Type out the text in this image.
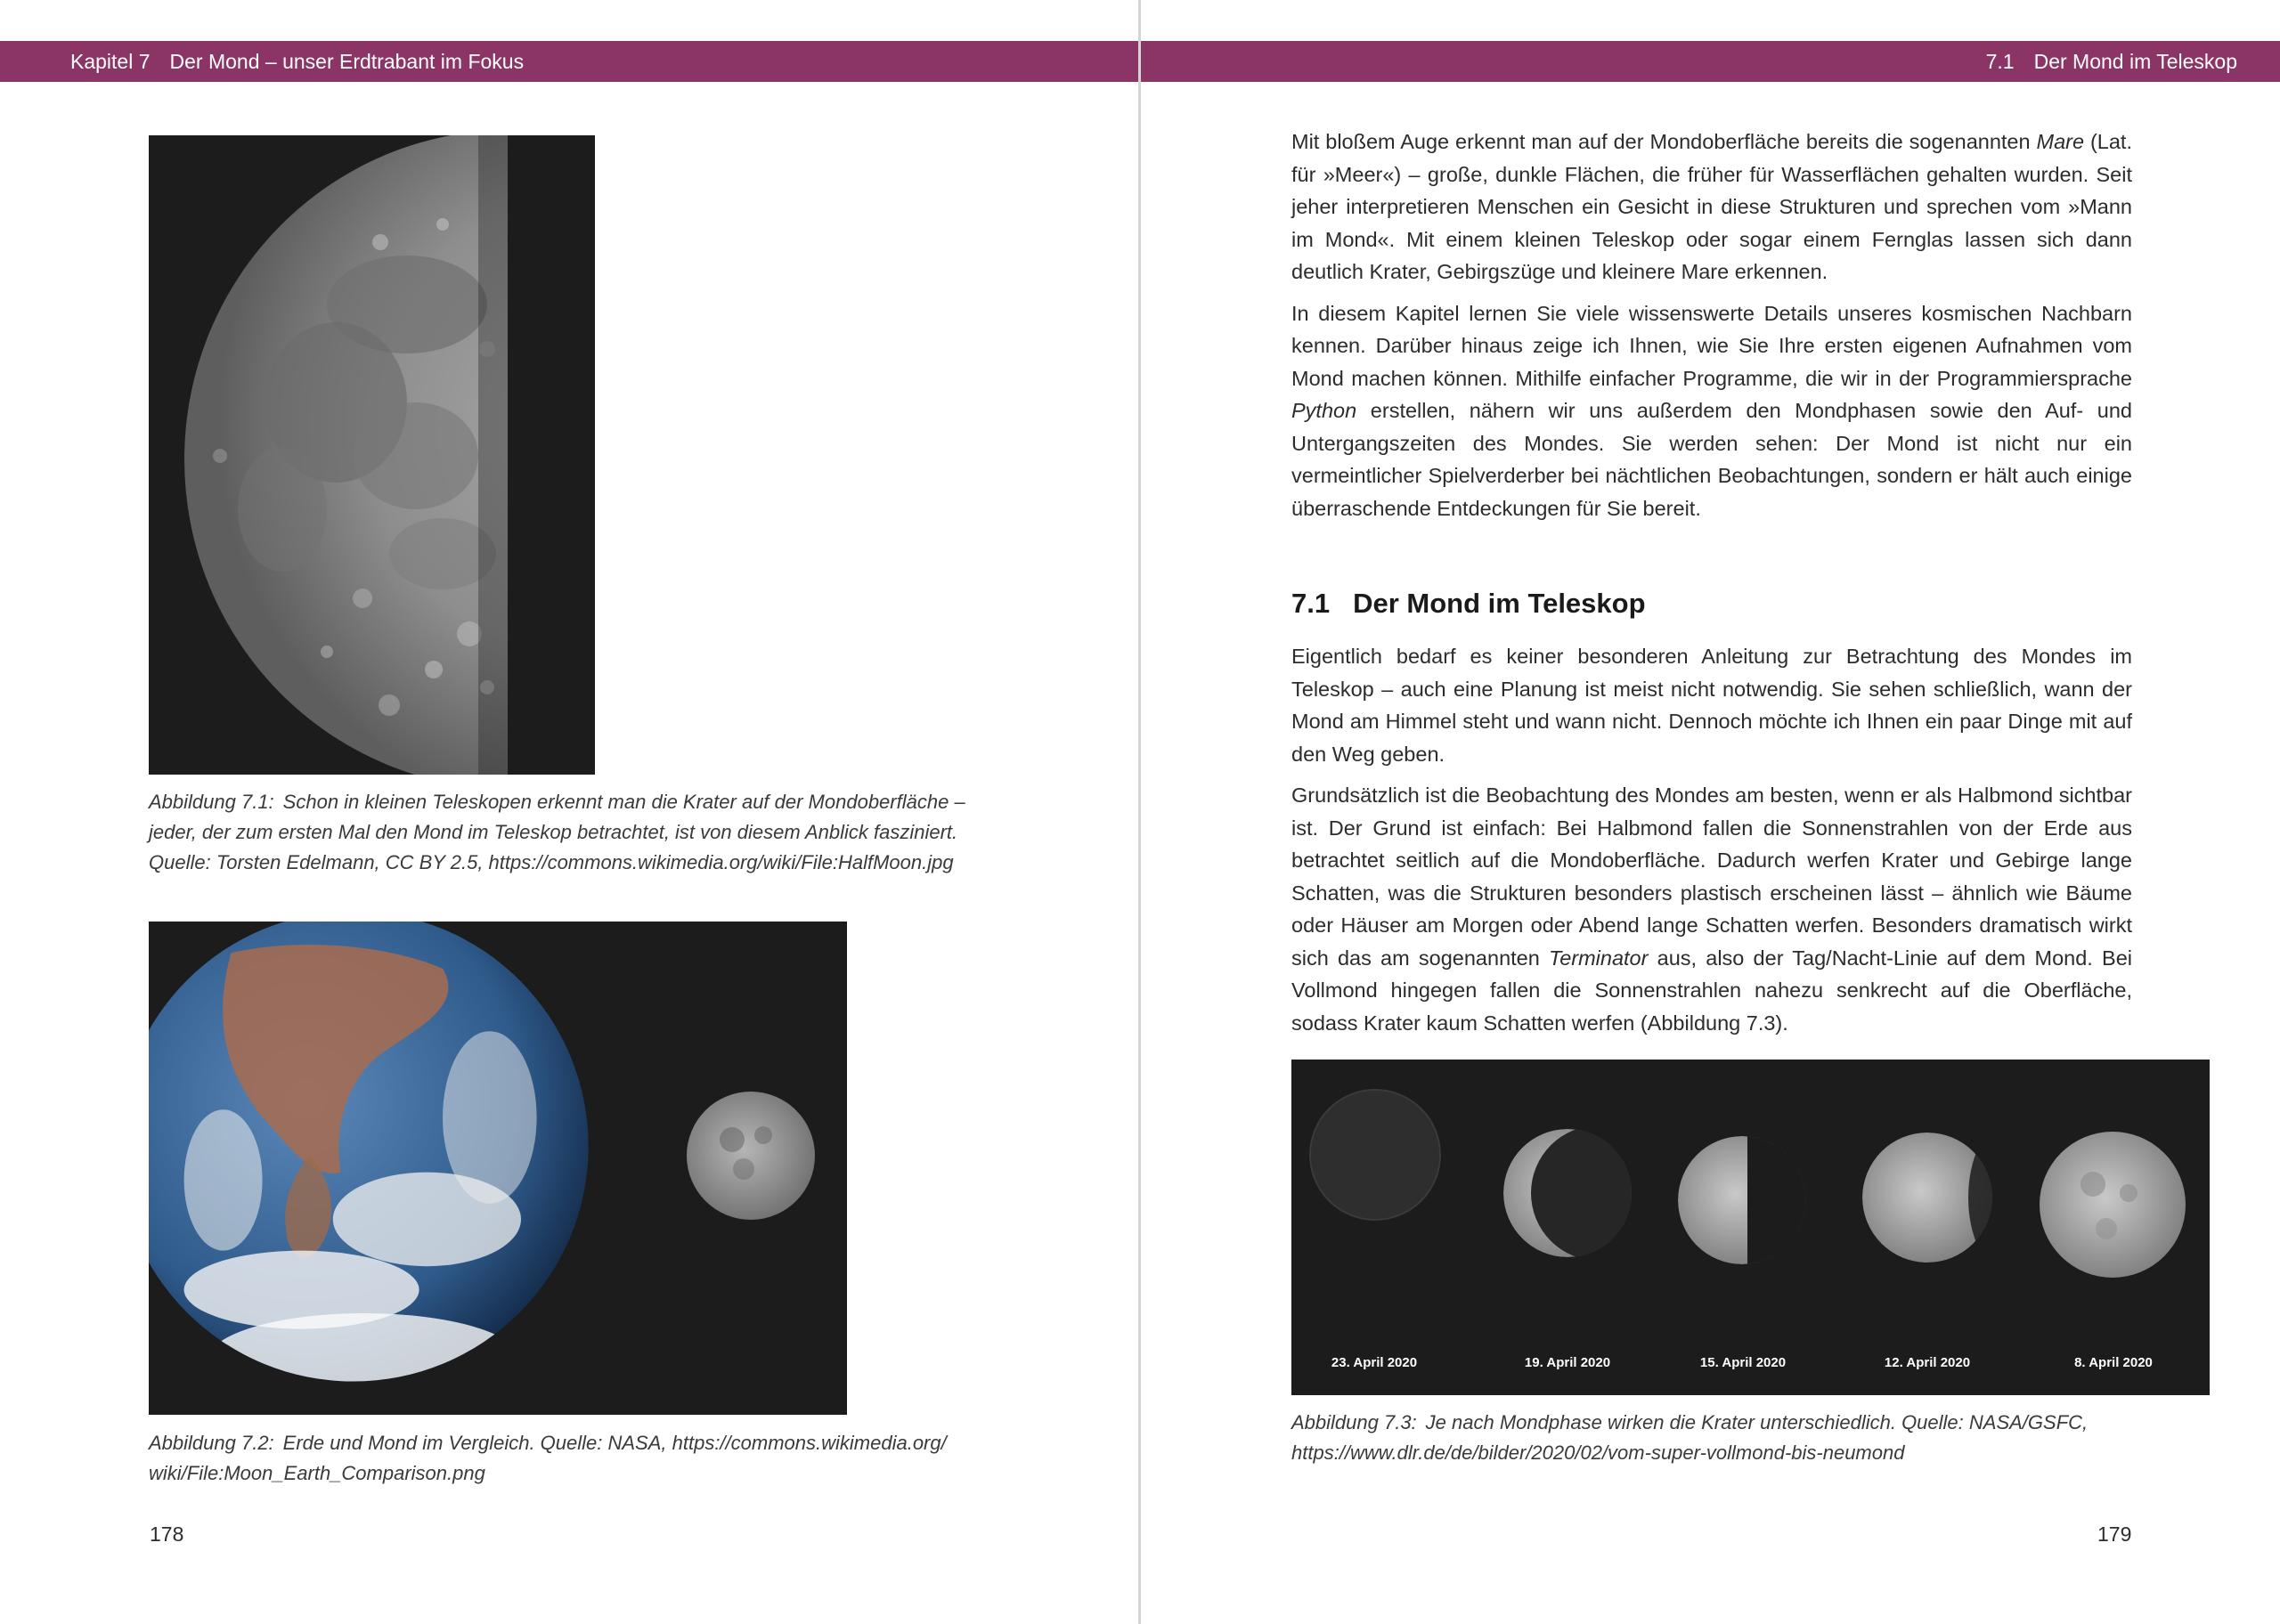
Kapitel 7 Der Mond – unser Erdtrabant im Fokus
Abbildung 7.1: Schon in kleinen Teleskopen erkennt man die Krater auf der Mondoberfläche –
jeder, der zum ersten Mal den Mond im Teleskop betrachtet, ist von diesem Anblick fasziniert.
Quelle: Torsten Edelmann, CC BY 2.5, https://commons.wikimedia.org/wiki/File:HalfMoon.jpg
Abbildung 7.2: Erde und Mond im Vergleich. Quelle: NASA, https://commons.wikimedia.org/
wiki/File:Moon_Earth_Comparison.png
178
7.1 Der Mond im Teleskop

Mit bloßem Auge erkennt man auf der Mondoberfläche bereits die sogenannten Mare (Lat. für »Meer«) – große, dunkle Flächen, die früher für Wasserflächen gehalten wurden. Seit jeher interpretieren Menschen ein Gesicht in diese Strukturen und sprechen vom »Mann im Mond«. Mit einem kleinen Teleskop oder sogar einem Fernglas lassen sich dann deutlich Krater, Gebirgszüge und kleinere Mare erkennen.

In diesem Kapitel lernen Sie viele wissenswerte Details unseres kosmischen Nachbarn kennen. Darüber hinaus zeige ich Ihnen, wie Sie Ihre ersten eigenen Aufnahmen vom Mond machen können. Mithilfe einfacher Programme, die wir in der Programmiersprache Python erstellen, nähern wir uns außerdem den Mondphasen sowie den Auf- und Untergangszeiten des Mondes. Sie werden sehen: Der Mond ist nicht nur ein vermeintlicher Spielverderber bei nächtlichen Beobachtungen, sondern er hält auch einige überraschende Entdeckungen für Sie bereit.

7.1 Der Mond im Teleskop

Eigentlich bedarf es keiner besonderen Anleitung zur Betrachtung des Mondes im Teleskop – auch eine Planung ist meist nicht notwendig. Sie sehen schließlich, wann der Mond am Himmel steht und wann nicht. Dennoch möchte ich Ihnen ein paar Dinge mit auf den Weg geben.

Grundsätzlich ist die Beobachtung des Mondes am besten, wenn er als Halbmond sichtbar ist. Der Grund ist einfach: Bei Halbmond fallen die Sonnenstrahlen von der Erde aus betrachtet seitlich auf die Mondoberfläche. Dadurch werfen Krater und Gebirge lange Schatten, was die Strukturen besonders plastisch erscheinen lässt – ähnlich wie Bäume oder Häuser am Morgen oder Abend lange Schatten werfen. Besonders dramatisch wirkt sich das am sogenannten Terminator aus, also der Tag/Nacht-Linie auf dem Mond. Bei Vollmond hingegen fallen die Sonnenstrahlen nahezu senkrecht auf die Oberfläche, sodass Krater kaum Schatten werfen (Abbildung 7.3).

23. April 2020	19. April 2020	15. April 2020	12. April 2020	8. April 2020
Abbildung 7.3: Je nach Mondphase wirken die Krater unterschiedlich. Quelle: NASA/GSFC,
https://www.dlr.de/de/bilder/2020/02/vom-super-vollmond-bis-neumond
179
